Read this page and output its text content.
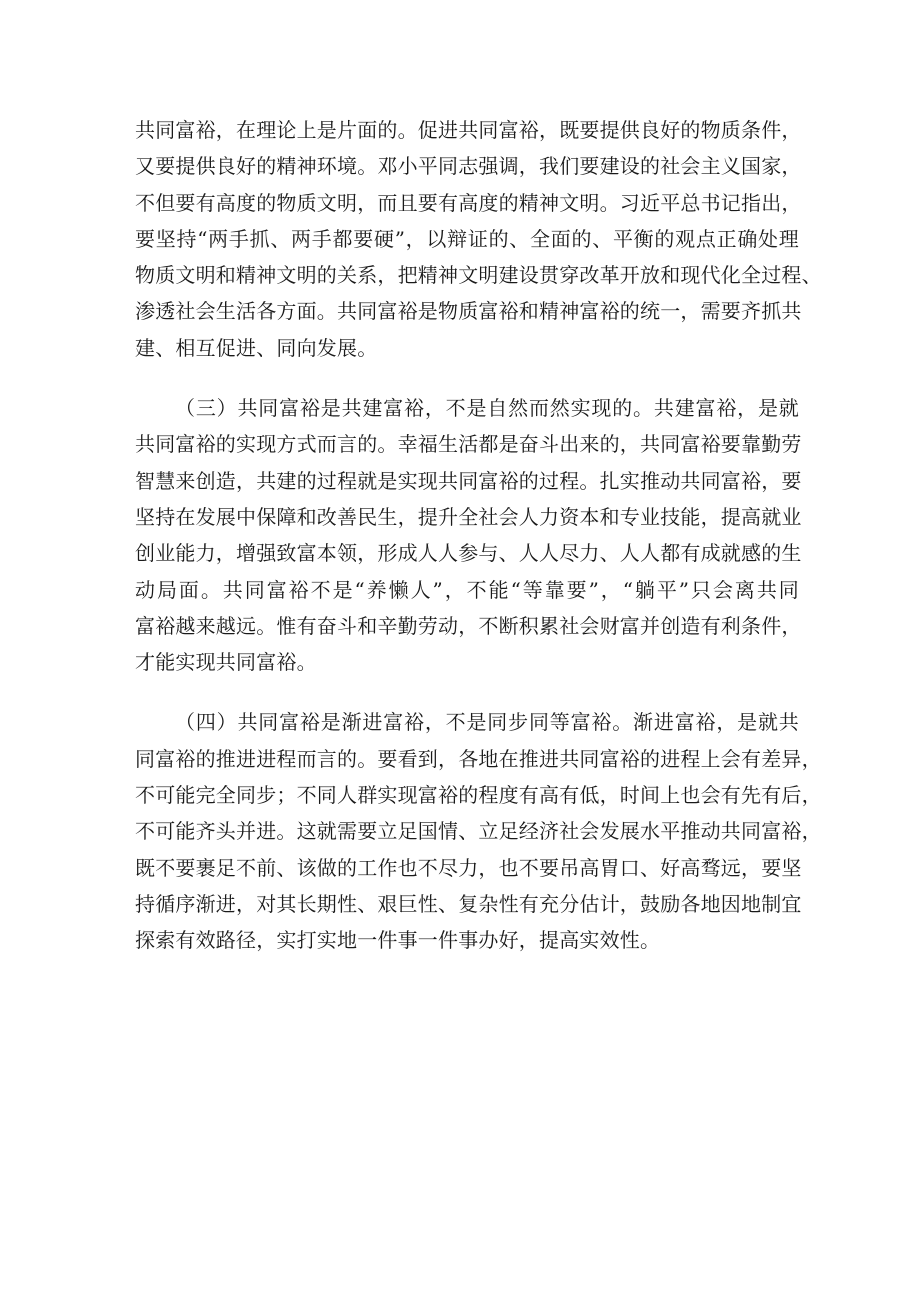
共同富裕，在理论上是片面的。促进共同富裕，既要提供良好的物质条件，
又要提供良好的精神环境。邓小平同志强调，我们要建设的社会主义国家，
不但要有高度的物质文明，而且要有高度的精神文明。习近平总书记指出，
要坚持“两手抓、两手都要硬”，以辩证的、全面的、平衡的观点正确处理
物质文明和精神文明的关系，把精神文明建设贯穿改革开放和现代化全过程、
渗透社会生活各方面。共同富裕是物质富裕和精神富裕的统一，需要齐抓共
建、相互促进、同向发展。
（三）共同富裕是共建富裕，不是自然而然实现的。共建富裕，是就
共同富裕的实现方式而言的。幸福生活都是奋斗出来的，共同富裕要靠勤劳
智慧来创造，共建的过程就是实现共同富裕的过程。扎实推动共同富裕，要
坚持在发展中保障和改善民生，提升全社会人力资本和专业技能，提高就业
创业能力，增强致富本领，形成人人参与、人人尽力、人人都有成就感的生
动局面。共同富裕不是“养懒人”，不能“等靠要”，“躺平”只会离共同
富裕越来越远。惟有奋斗和辛勤劳动，不断积累社会财富并创造有利条件，
才能实现共同富裕。
（四）共同富裕是渐进富裕，不是同步同等富裕。渐进富裕，是就共
同富裕的推进进程而言的。要看到，各地在推进共同富裕的进程上会有差异，
不可能完全同步；不同人群实现富裕的程度有高有低，时间上也会有先有后，
不可能齐头并进。这就需要立足国情、立足经济社会发展水平推动共同富裕，
既不要裹足不前、该做的工作也不尽力，也不要吊高胃口、好高骛远，要坚
持循序渐进，对其长期性、艰巨性、复杂性有充分估计，鼓励各地因地制宜
探索有效路径，实打实地一件事一件事办好，提高实效性。
